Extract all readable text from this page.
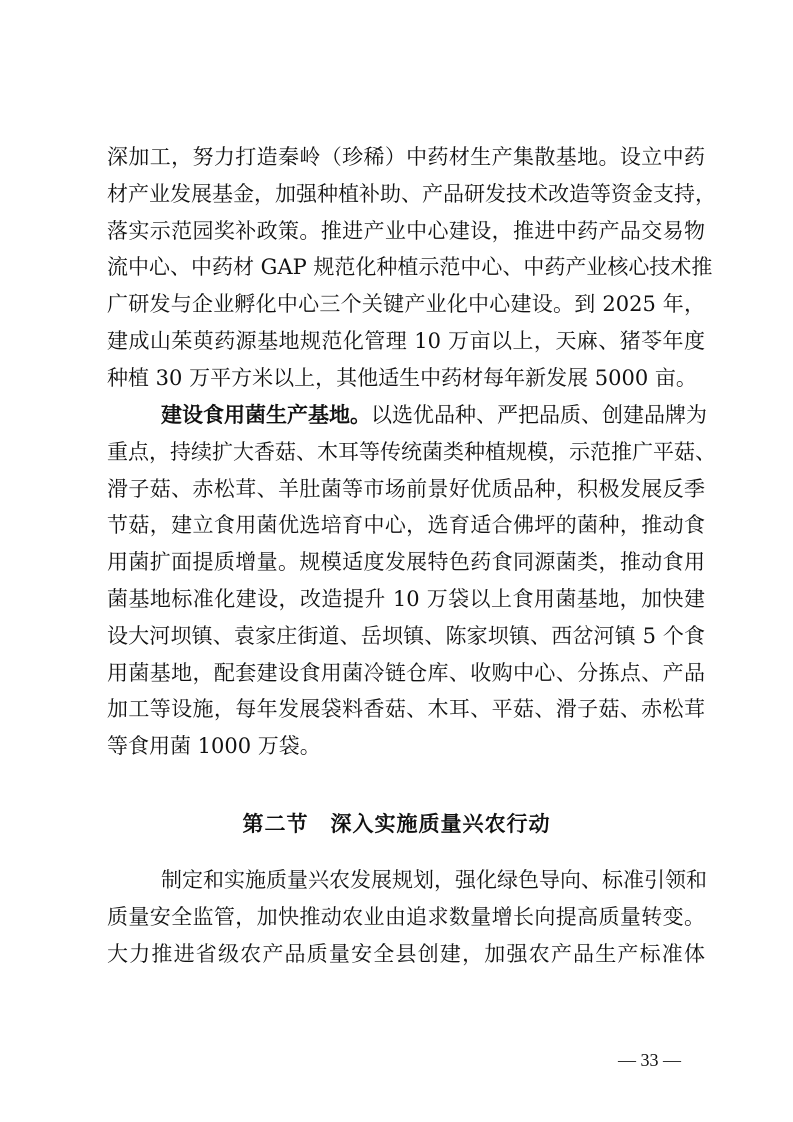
深加工，努力打造秦岭（珍稀）中药材生产集散基地。设立中药
材产业发展基金，加强种植补助、产品研发技术改造等资金支持，
落实示范园奖补政策。推进产业中心建设，推进中药产品交易物
流中心、中药材 GAP 规范化种植示范中心、中药产业核心技术推
广研发与企业孵化中心三个关键产业化中心建设。到 2025 年，
建成山茱萸药源基地规范化管理 10 万亩以上，天麻、猪苓年度
种植 30 万平方米以上，其他适生中药材每年新发展 5000 亩。
建设食用菌生产基地。以选优品种、严把品质、创建品牌为
重点，持续扩大香菇、木耳等传统菌类种植规模，示范推广平菇、
滑子菇、赤松茸、羊肚菌等市场前景好优质品种，积极发展反季
节菇，建立食用菌优选培育中心，选育适合佛坪的菌种，推动食
用菌扩面提质增量。规模适度发展特色药食同源菌类，推动食用
菌基地标准化建设，改造提升 10 万袋以上食用菌基地，加快建
设大河坝镇、袁家庄街道、岳坝镇、陈家坝镇、西岔河镇 5 个食
用菌基地，配套建设食用菌冷链仓库、收购中心、分拣点、产品
加工等设施，每年发展袋料香菇、木耳、平菇、滑子菇、赤松茸
等食用菌 1000 万袋。
第二节　深入实施质量兴农行动
制定和实施质量兴农发展规划，强化绿色导向、标准引领和
质量安全监管，加快推动农业由追求数量增长向提高质量转变。
大力推进省级农产品质量安全县创建，加强农产品生产标准体
— 33 —
